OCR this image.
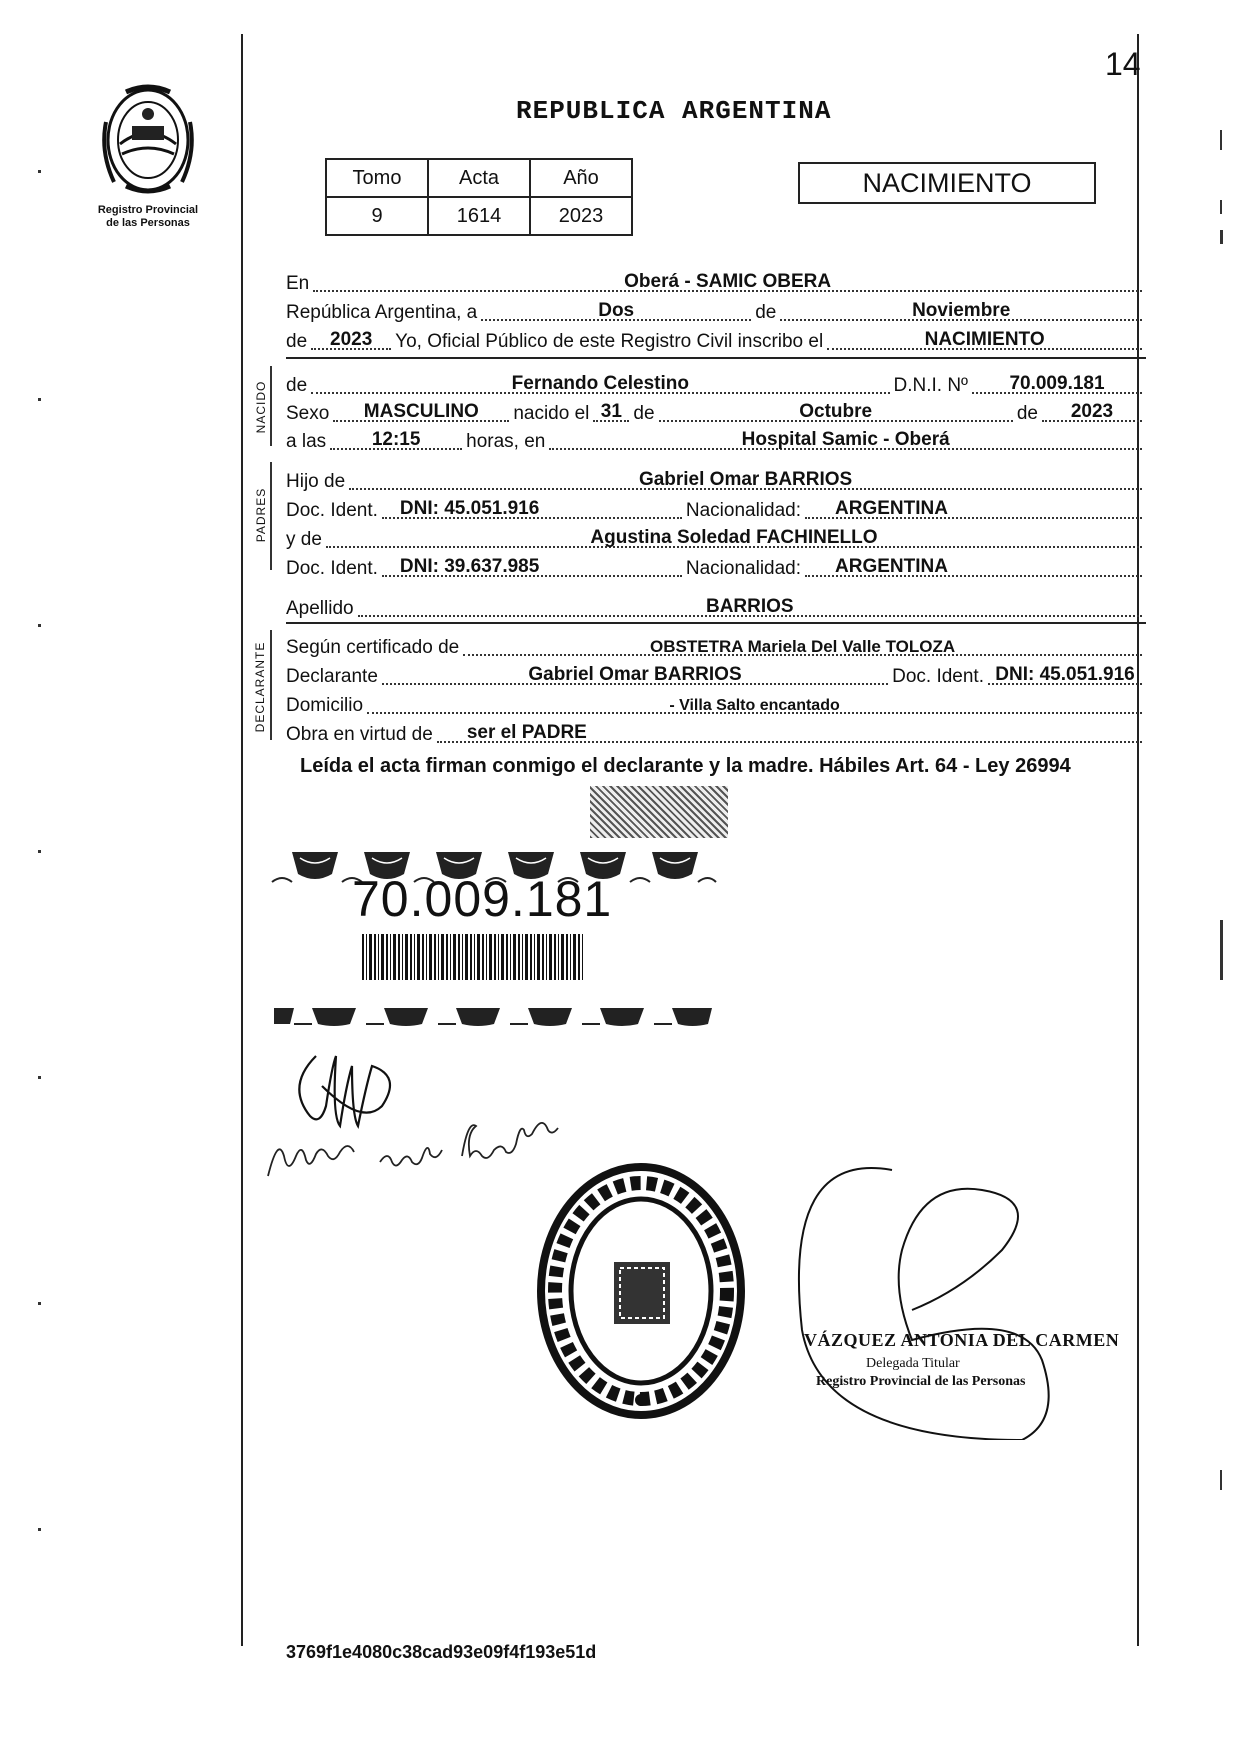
14
Registro Provincial
de las Personas
REPUBLICA ARGENTINA
Tomo	Acta	Año
9	1614	2023
NACIMIENTO
En	Oberá - SAMIC OBERA
República Argentina, a	Dos	de	Noviembre
de	2023	Yo, Oficial Público de este Registro Civil inscribo el	NACIMIENTO
NACIDO de	Fernando Celestino	D.N.I. Nº	70.009.181
Sexo	MASCULINO	nacido el 31 de	Octubre	de	2023
a las	12:15	horas, en	Hospital Samic - Oberá
PADRES
Hijo de	Gabriel Omar BARRIOS
Doc. Ident. DNI: 45.051.916	Nacionalidad: ARGENTINA
y de	Agustina Soledad FACHINELLO
Doc. Ident. DNI: 39.637.985	Nacionalidad: ARGENTINA
Apellido	BARRIOS
DECLARANTE Según certificado de	OBSTETRA Mariela Del Valle TOLOZA
Declarante	Gabriel Omar BARRIOS	Doc. Ident. DNI: 45.051.916
Domicilio	- Villa Salto encantado
Obra en virtud de ser el PADRE
Leída el acta firman conmigo el declarante y la madre. Hábiles Art. 64 - Ley 26994
70.009.181
VÁZQUEZ ANTONIA DEL CARMEN
Delegada Titular
Registro Provincial de las Personas
3769f1e4080c38cad93e09f4f193e51d
